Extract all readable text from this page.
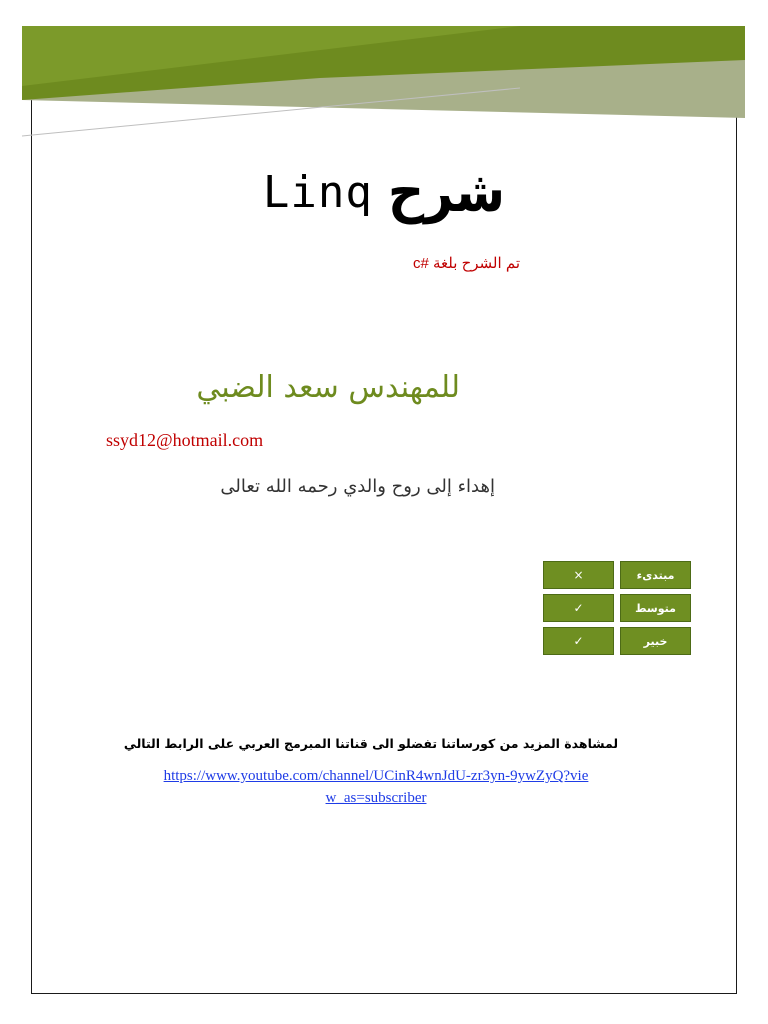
Linq شرح
تم الشرح بلغة #c
للمهندس سعد الضبي
ssyd12@hotmail.com
إهداء إلى روح والدي رحمه الله تعالى
×	مبتدىء
✓	متوسط
✓	خبير
لمشاهدة المزيد من كورساتنا تفضلو الى قناتنا المبرمج العربي على الرابط التالي
https://www.youtube.com/channel/UCinR4wnJdU-zr3yn-9ywZyQ?view_as=subscriber
